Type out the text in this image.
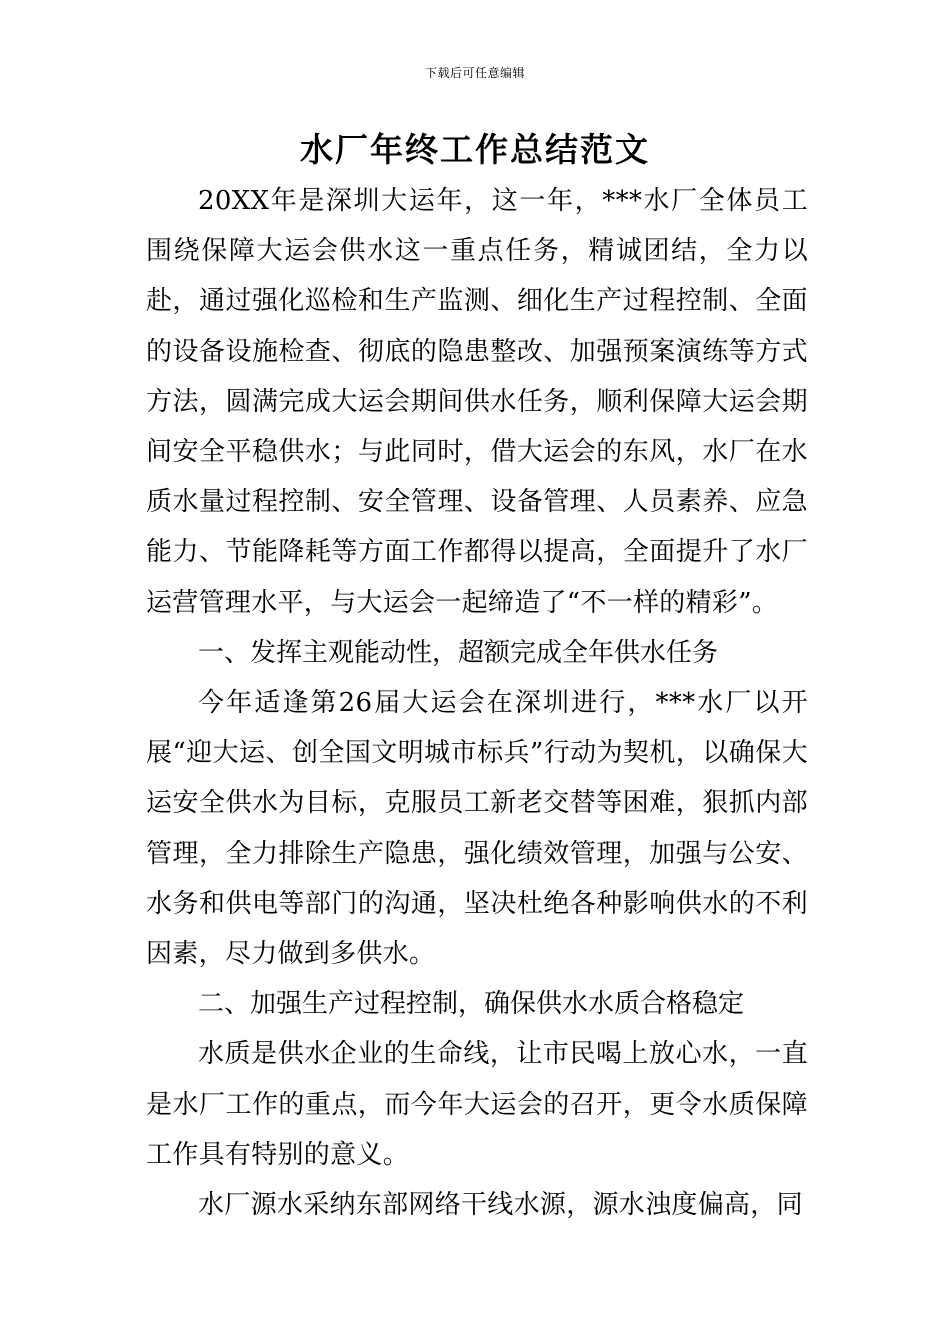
下载后可任意编辑
水厂年终工作总结范文

20XX年是深圳大运年，这一年，***水厂全体员工围绕保障大运会供水这一重点任务，精诚团结，全力以赴，通过强化巡检和生产监测、细化生产过程控制、全面的设备设施检查、彻底的隐患整改、加强预案演练等方式方法，圆满完成大运会期间供水任务，顺利保障大运会期间安全平稳供水；与此同时，借大运会的东风，水厂在水质水量过程控制、安全管理、设备管理、人员素养、应急能力、节能降耗等方面工作都得以提高，全面提升了水厂运营管理水平，与大运会一起缔造了“不一样的精彩”。

一、发挥主观能动性，超额完成全年供水任务

今年适逢第26届大运会在深圳进行，***水厂以开展“迎大运、创全国文明城市标兵”行动为契机，以确保大运安全供水为目标，克服员工新老交替等困难，狠抓内部管理，全力排除生产隐患，强化绩效管理，加强与公安、水务和供电等部门的沟通，坚决杜绝各种影响供水的不利因素，尽力做到多供水。

二、加强生产过程控制，确保供水水质合格稳定

水质是供水企业的生命线，让市民喝上放心水，一直是水厂工作的重点，而今年大运会的召开，更令水质保障工作具有特别的意义。

水厂源水采纳东部网络干线水源，源水浊度偏高，同
